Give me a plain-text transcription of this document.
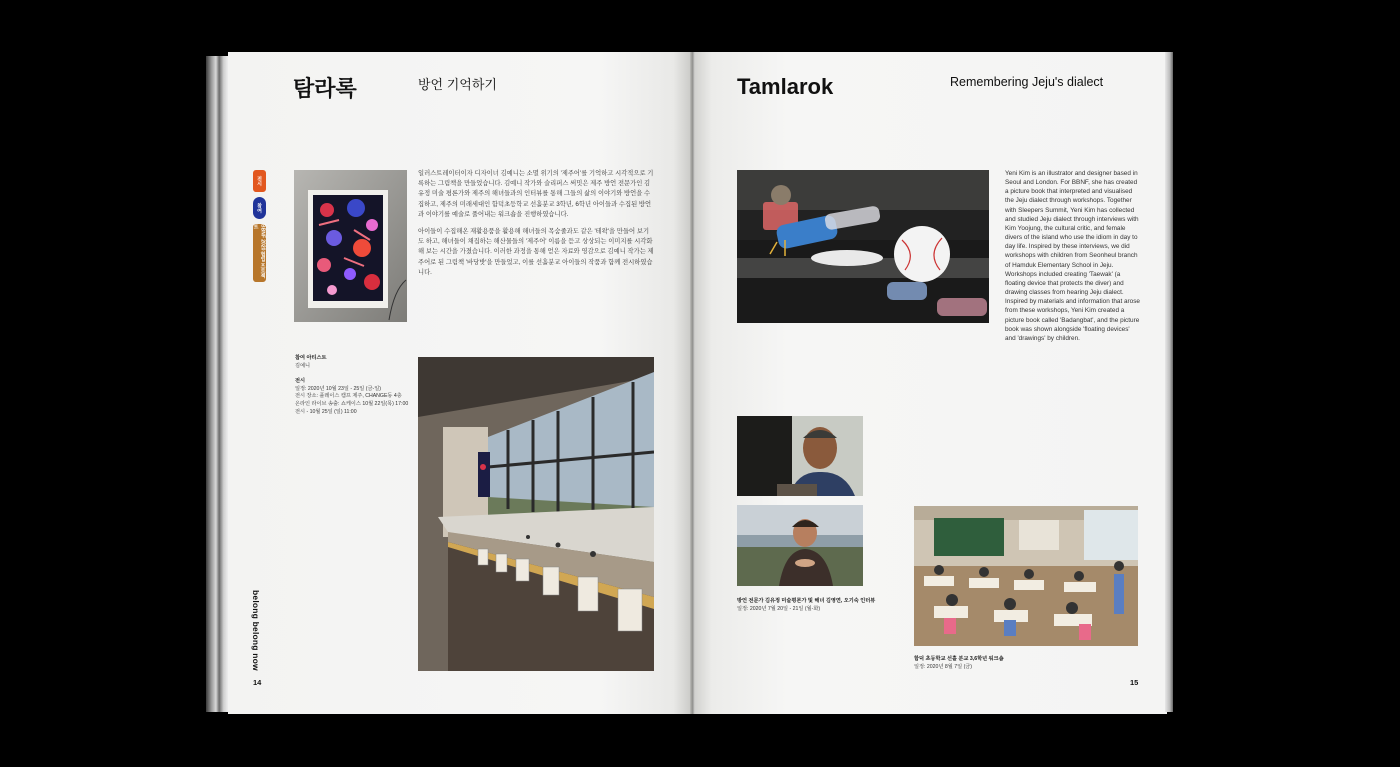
탐라록	방언 기억하기
전시
참여
BBNF 2020 협업 프로젝트

일러스트레이터이자 디자이너 김예니는 소멸 위기의 '제주어'를 기억하고 시각적으로 기록하는 그림책을 만들었습니다. 김예니 작가와 슬리퍼스 써밋은 제주 방언 전문가인 김유정 미술 평론가와 제주의 해녀들과의 인터뷰를 통해 그들의 삶의 이야기와 방언을 수집하고, 제주의 미래세대인 함덕초등학교 선흘분교 3학년, 6학년 아이들과 수집된 방언과 이야기를 예술로 풀어내는 워크숍을 진행하였습니다.

아이들이 수집해온 재활용품을 활용해 해녀들의 목숨줄과도 같은 '테왁'을 만들어 보기도 하고, 해녀들이 채집하는 해산물들의 '제주어' 이름을 듣고 상상되는 이미지를 시각화해 보는 시간을 가졌습니다. 이러한 과정을 통해 얻은 자료와 영감으로 김예니 작가는 제주어로 된 그림책 '바당밧'을 만들었고, 이를 선흘분교 아이들의 작품과 함께 전시하였습니다.

참여 아티스트
김예니
전시
일정: 2020년 10월 23일 - 25일 (금-일)
전시 장소: 플레이스 캠프 제주, CHANGE동 4층
온라인 라이브 송출: 쇼케이스 10월 22일(목) 17:00
전시 - 10월 25일 (일) 11:00
belong belong now
14
Tamlarok	Remembering Jeju's dialect
Yeni Kim is an illustrator and designer based in Seoul and London. For BBNF, she has created a picture book that interpreted and visualised the Jeju dialect through workshops. Together with Sleepers Summit, Yeni Kim has collected and studied Jeju dialect through interviews with Kim Yoojung, the cultural critic, and female divers of the island who use the idiom in day to day life. Inspired by these interviews, we did workshops with children from Seonheul branch of Hamduk Elementary School in Jeju. Workshops included creating 'Taewak' (a floating device that protects the diver) and drawing classes from hearing Jeju dialect. Inspired by materials and information that arose from these workshops, Yeni Kim created a picture book called 'Badangbat', and the picture book was shown alongside 'floating devices' and 'drawings' by children.
방언 전문가 김유정 미술평론가 및 해녀 김영연, 오기숙 인터뷰
일정: 2020년 7월 20일 - 21일 (월-화)
함덕 초등학교 선흘 분교 3,6학년 워크숍
일정: 2020년 8월 7일 (금)
15
